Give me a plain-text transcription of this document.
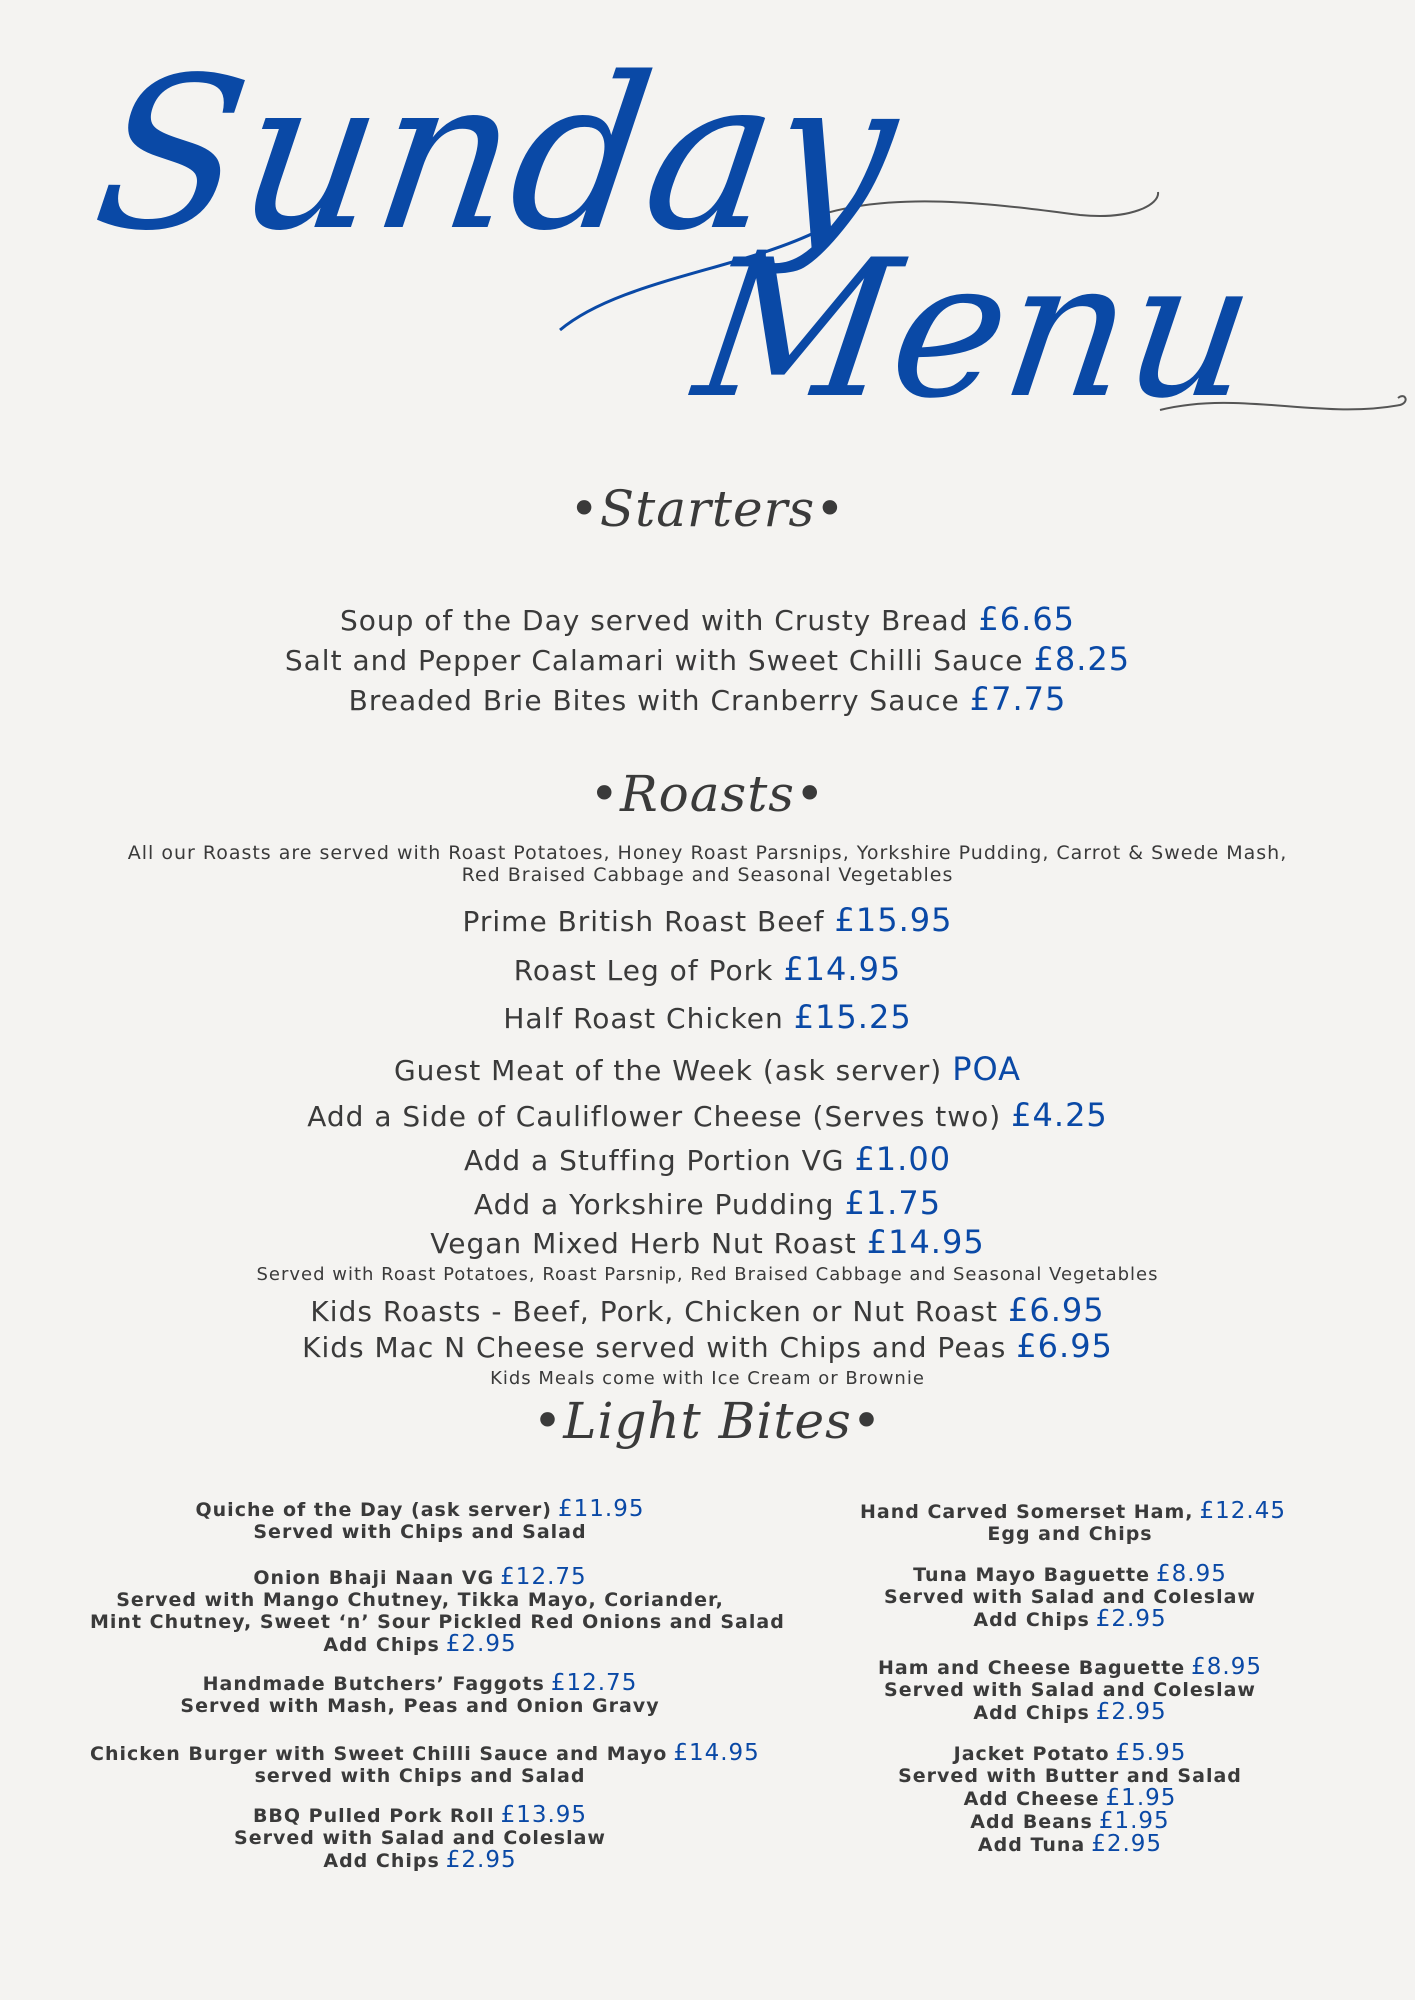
Sunday
Menu
•Starters•
Soup of the Day served with Crusty Bread £6.65
Salt and Pepper Calamari with Sweet Chilli Sauce £8.25
Breaded Brie Bites with Cranberry Sauce £7.75
•Roasts•
All our Roasts are served with Roast Potatoes, Honey Roast Parsnips, Yorkshire Pudding, Carrot & Swede Mash,
Red Braised Cabbage and Seasonal Vegetables
Prime British Roast Beef £15.95
Roast Leg of Pork £14.95
Half Roast Chicken £15.25
Guest Meat of the Week (ask server) POA
Add a Side of Cauliflower Cheese (Serves two) £4.25
Add a Stuffing Portion VG £1.00
Add a Yorkshire Pudding £1.75
Vegan Mixed Herb Nut Roast £14.95
Served with Roast Potatoes, Roast Parsnip, Red Braised Cabbage and Seasonal Vegetables
Kids Roasts - Beef, Pork, Chicken or Nut Roast £6.95
Kids Mac N Cheese served with Chips and Peas £6.95
Kids Meals come with Ice Cream or Brownie
•Light Bites•
Quiche of the Day (ask server) £11.95
Served with Chips and Salad
Onion Bhaji Naan VG £12.75
Served with Mango Chutney, Tikka Mayo, Coriander,
Mint Chutney, Sweet ‘n’ Sour Pickled Red Onions and Salad
Add Chips £2.95
Handmade Butchers’ Faggots £12.75
Served with Mash, Peas and Onion Gravy
Chicken Burger with Sweet Chilli Sauce and Mayo £14.95
served with Chips and Salad
BBQ Pulled Pork Roll £13.95
Served with Salad and Coleslaw
Add Chips £2.95
Hand Carved Somerset Ham, £12.45
Egg and Chips
Tuna Mayo Baguette £8.95
Served with Salad and Coleslaw
Add Chips £2.95
Ham and Cheese Baguette £8.95
Served with Salad and Coleslaw
Add Chips £2.95
Jacket Potato £5.95
Served with Butter and Salad
Add Cheese £1.95
Add Beans £1.95
Add Tuna £2.95
